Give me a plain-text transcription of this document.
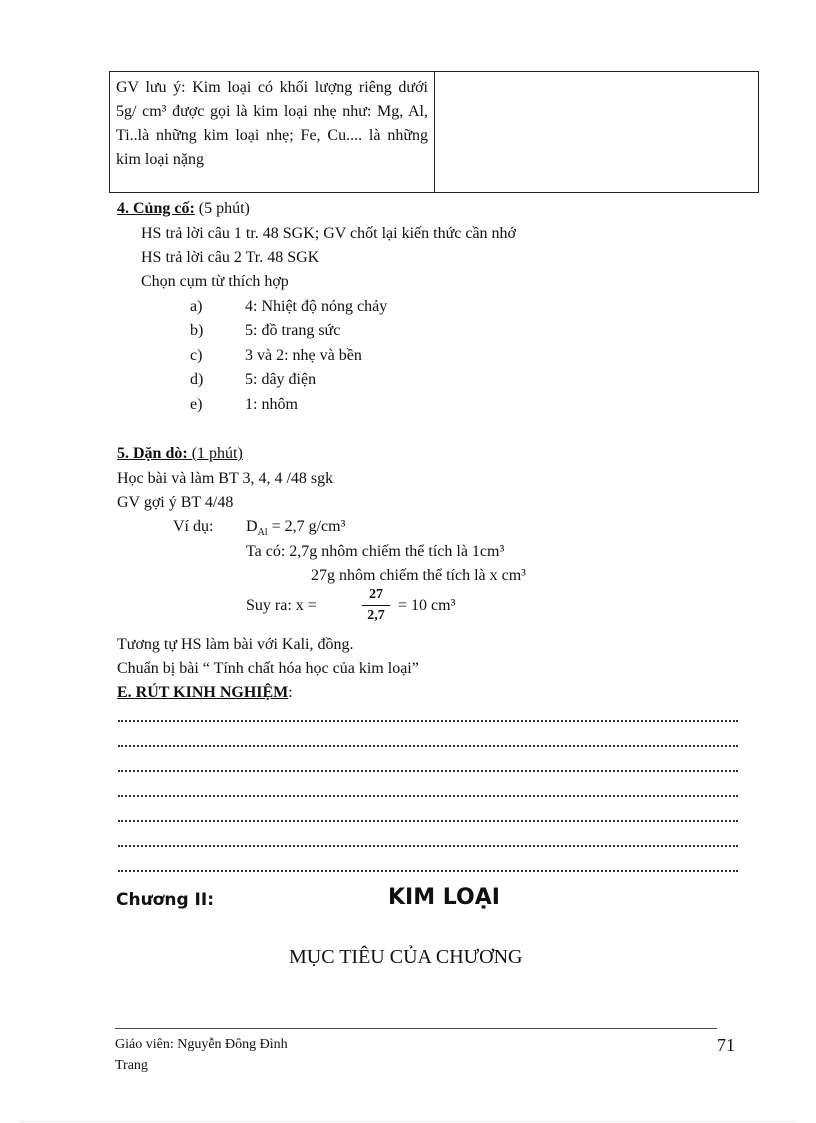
GV lưu ý: Kim loại có khối lượng riêng dưới 5g/ cm³ được gọi là kim loại nhẹ như: Mg, Al, Ti..là những kim loại nhẹ; Fe, Cu.... là những kim loại nặng
4. Củng cố: (5 phút)
HS trả lời câu 1 tr. 48 SGK; GV chốt lại kiến thức cần nhớ
HS trả lời câu 2 Tr. 48 SGK
Chọn cụm từ thích hợp
a)	4: Nhiệt độ nóng chảy
b)	5: đồ trang sức
c)	3 và 2: nhẹ và bền
d)	5: dây điện
e)	1: nhôm
5. Dặn dò: (1 phút)
Học bài và làm BT 3, 4, 4 /48 sgk
GV gợi ý BT 4/48
Ví dụ: $D_{Al} = 2,7$ g/cm³
Ta có: 2,7g nhôm chiếm thể tích là 1cm³
27g nhôm chiếm thể tích là x cm³
Suy ra: x =
27
2,7
= 10 cm³
Tương tự HS làm bài với Kali, đồng.
Chuẩn bị bài “ Tính chất hóa học của kim loại”
E. RÚT KINH NGHIỆM:
Chương II:	KIM LOẠI
MỤC TIÊU CỦA CHƯƠNG
Giáo viên: Nguyễn Đông Đình
Trang
71
